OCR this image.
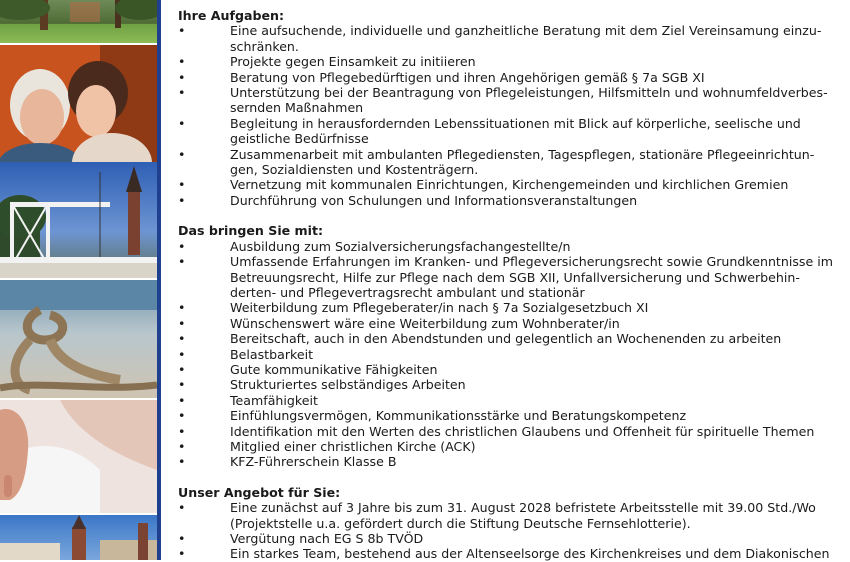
Ihre Aufgaben:

• Eine aufsuchende, individuelle und ganzheitliche Beratung mit dem Ziel Vereinsamung einzu-schränken.
• Projekte gegen Einsamkeit zu initiieren
• Beratung von Pflegebedürftigen und ihren Angehörigen gemäß § 7a SGB XI
• Unterstützung bei der Beantragung von Pflegeleistungen, Hilfsmitteln und wohnumfeldverbes-sernden Maßnahmen
• Begleitung in herausfordernden Lebenssituationen mit Blick auf körperliche, seelische und geistliche Bedürfnisse
• Zusammenarbeit mit ambulanten Pflegediensten, Tagespflegen, stationäre Pflegeeinrichtun-gen, Sozialdiensten und Kostenträgern.
• Vernetzung mit kommunalen Einrichtungen, Kirchengemeinden und kirchlichen Gremien
• Durchführung von Schulungen und Informationsveranstaltungen

Das bringen Sie mit:

• Ausbildung zum Sozialversicherungsfachangestellte/n
• Umfassende Erfahrungen im Kranken- und Pflegeversicherungsrecht sowie Grundkenntnisse im Betreuungsrecht, Hilfe zur Pflege nach dem SGB XII, Unfallversicherung und Schwerbehin-derten- und Pflegevertragsrecht ambulant und stationär
• Weiterbildung zum Pflegeberater/in nach § 7a Sozialgesetzbuch XI
• Wünschenswert wäre eine Weiterbildung zum Wohnberater/in
• Bereitschaft, auch in den Abendstunden und gelegentlich an Wochenenden zu arbeiten
• Belastbarkeit
• Gute kommunikative Fähigkeiten
• Strukturiertes selbständiges Arbeiten
• Teamfähigkeit
• Einfühlungsvermögen, Kommunikationsstärke und Beratungskompetenz
• Identifikation mit den Werten des christlichen Glaubens und Offenheit für spirituelle Themen
• Mitglied einer christlichen Kirche (ACK)
• KFZ-Führerschein Klasse B

Unser Angebot für Sie:

• Eine zunächst auf 3 Jahre bis zum 31. August 2028 befristete Arbeitsstelle mit 39.00 Std./Wo (Projektstelle u.a. gefördert durch die Stiftung Deutsche Fernsehlotterie).
• Vergütung nach EG S 8b TVÖD
• Ein starkes Team, bestehend aus der Altenseelsorge des Kirchenkreises und dem Diakonischen
